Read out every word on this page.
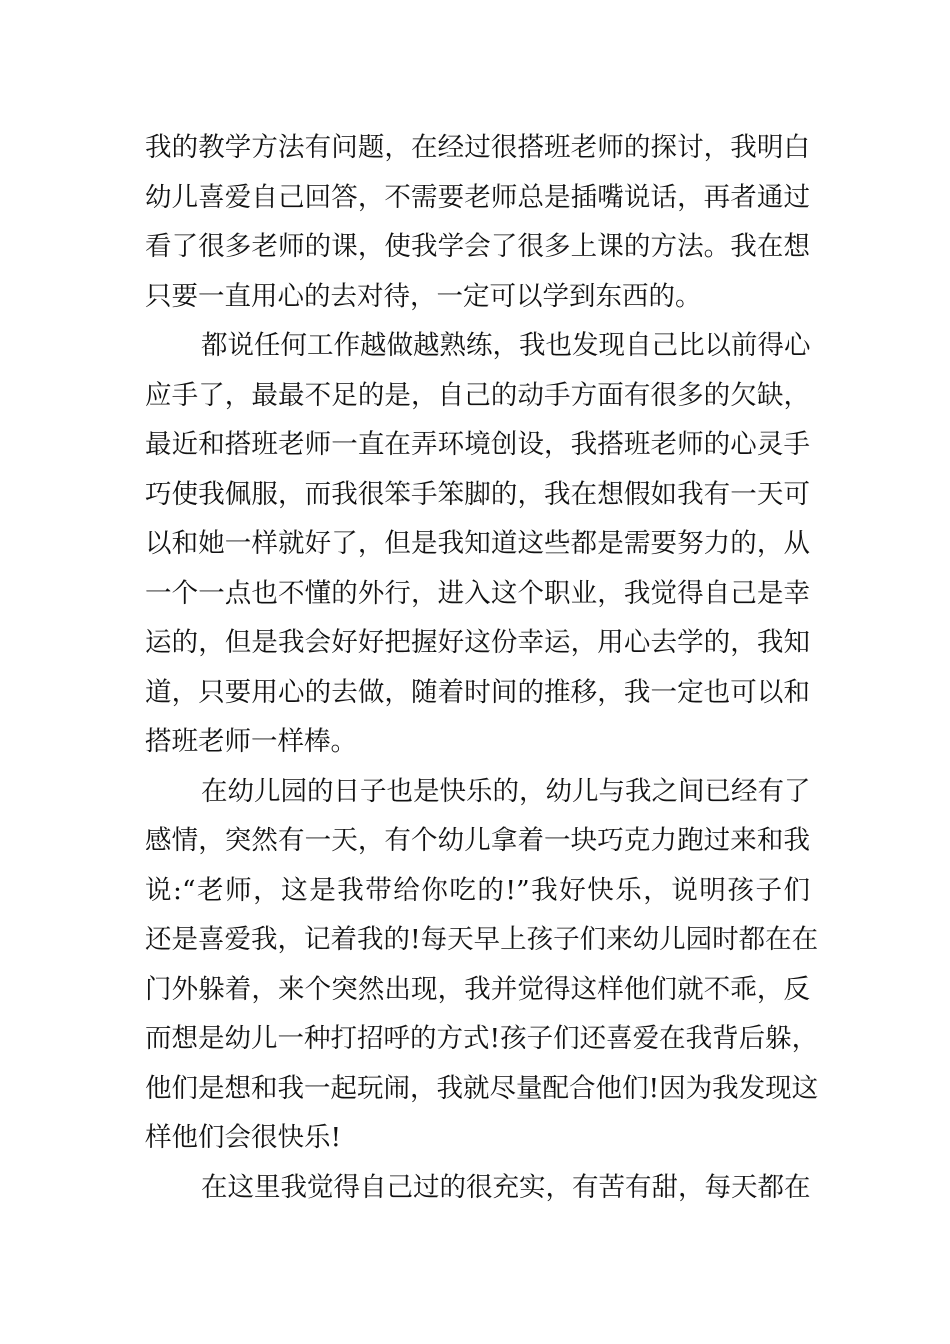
我的教学方法有问题，在经过很搭班老师的探讨，我明白
幼儿喜爱自己回答，不需要老师总是插嘴说话，再者通过
看了很多老师的课，使我学会了很多上课的方法。我在想
只要一直用心的去对待，一定可以学到东西的。
都说任何工作越做越熟练，我也发现自己比以前得心
应手了，最最不足的是，自己的动手方面有很多的欠缺，
最近和搭班老师一直在弄环境创设，我搭班老师的心灵手
巧使我佩服，而我很笨手笨脚的，我在想假如我有一天可
以和她一样就好了，但是我知道这些都是需要努力的，从
一个一点也不懂的外行，进入这个职业，我觉得自己是幸
运的，但是我会好好把握好这份幸运，用心去学的，我知
道，只要用心的去做，随着时间的推移，我一定也可以和
搭班老师一样棒。
在幼儿园的日子也是快乐的，幼儿与我之间已经有了
感情，突然有一天，有个幼儿拿着一块巧克力跑过来和我
说:“老师，这是我带给你吃的!”我好快乐，说明孩子们
还是喜爱我，记着我的!每天早上孩子们来幼儿园时都在在
门外躲着，来个突然出现，我并觉得这样他们就不乖，反
而想是幼儿一种打招呼的方式!孩子们还喜爱在我背后躲，
他们是想和我一起玩闹，我就尽量配合他们!因为我发现这
样他们会很快乐!
在这里我觉得自己过的很充实，有苦有甜，每天都在
